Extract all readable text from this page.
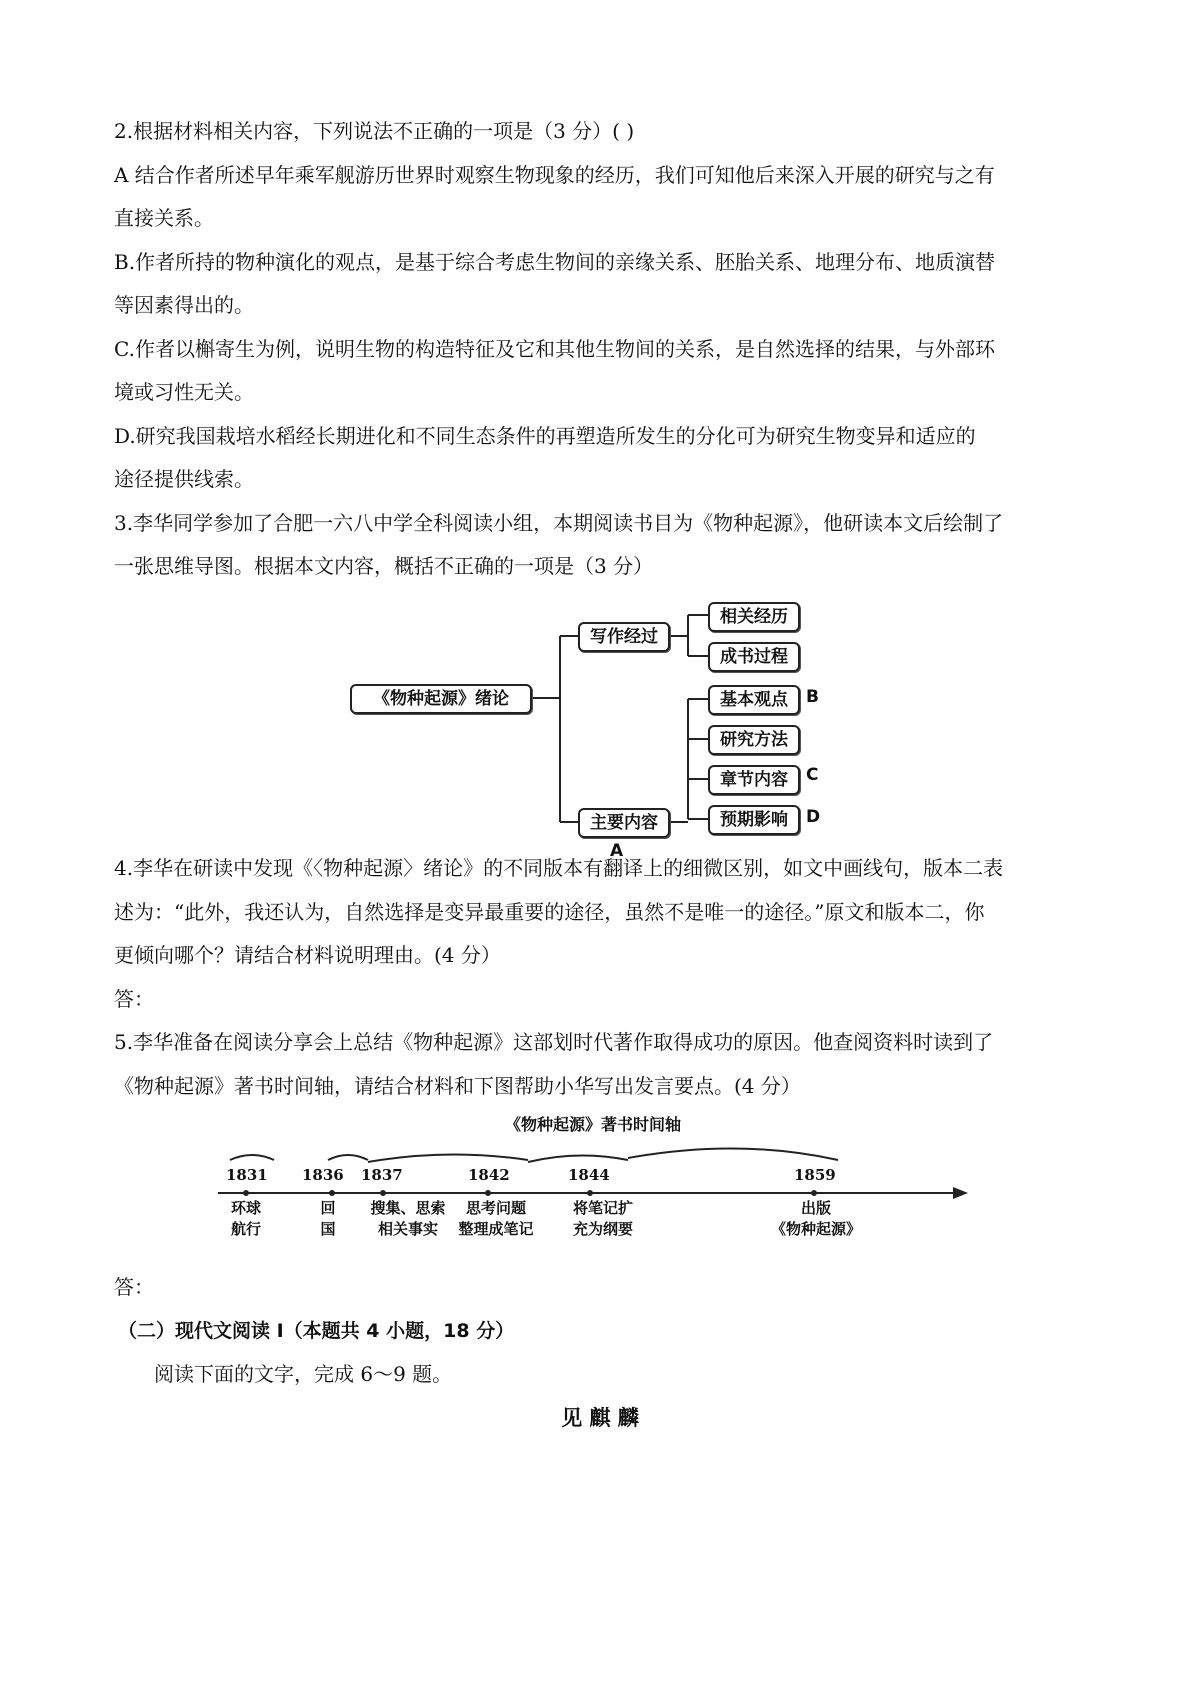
2.根据材料相关内容，下列说法不正确的一项是（3 分）( )
A 结合作者所述早年乘军舰游历世界时观察生物现象的经历，我们可知他后来深入开展的研究与之有
直接关系。
B.作者所持的物种演化的观点，是基于综合考虑生物间的亲缘关系、胚胎关系、地理分布、地质演替
等因素得出的。
C.作者以槲寄生为例，说明生物的构造特征及它和其他生物间的关系，是自然选择的结果，与外部环
境或习性无关。
D.研究我国栽培水稻经长期进化和不同生态条件的再塑造所发生的分化可为研究生物变异和适应的
途径提供线索。
3.李华同学参加了合肥一六八中学全科阅读小组，本期阅读书目为《物种起源》，他研读本文后绘制了
一张思维导图。根据本文内容，概括不正确的一项是（3 分）
《物种起源》绪论
写作经过
主要内容
A
相关经历
成书过程
基本观点	B
研究方法
章节内容	C
预期影响	D
4.李华在研读中发现《〈物种起源〉绪论》的不同版本有翻译上的细微区别，如文中画线句，版本二表
述为：“此外，我还认为，自然选择是变异最重要的途径，虽然不是唯一的途径。”原文和版本二，你
更倾向哪个？请结合材料说明理由。(4 分）
答：
5.李华准备在阅读分享会上总结《物种起源》这部划时代著作取得成功的原因。他查阅资料时读到了
《物种起源》著书时间轴，请结合材料和下图帮助小华写出发言要点。(4 分）
《物种起源》著书时间轴
1831 1836 1837	1842	1844	1859
环球
航行
回
国
搜集、思索
相关事实
思考问题
整理成笔记
将笔记扩
充为纲要
出版
《物种起源》
答：
（二）现代文阅读 I（本题共 4 小题，18 分）
阅读下面的文字，完成 6～9 题。
见 麒 麟
